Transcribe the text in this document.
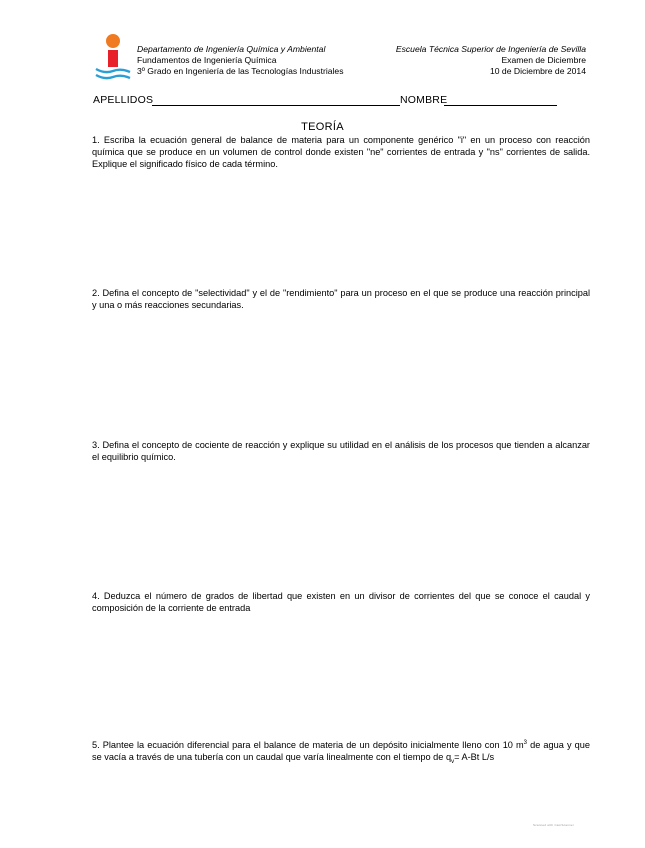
Departamento de Ingeniería Química y Ambiental
Fundamentos de Ingeniería Química
3º Grado en Ingeniería de las Tecnologías Industriales
Escuela Técnica Superior de Ingeniería de Sevilla
Examen de Diciembre
10 de Diciembre de 2014
APELLIDOS	NOMBRE
TEORÍA
1. Escriba la ecuación general de balance de materia para un componente genérico "i" en un proceso con reacción química que se produce en un volumen de control donde existen "ne" corrientes de entrada y "ns" corrientes de salida. Explique el significado físico de cada término.
2. Defina el concepto de "selectividad" y el de "rendimiento" para un proceso en el que se produce una reacción principal y una o más reacciones secundarias.
3. Defina el concepto de cociente de reacción y explique su utilidad en el análisis de los procesos que tienden a alcanzar el equilibrio químico.
4. Deduzca el número de grados de libertad que existen en un divisor de corrientes del que se conoce el caudal y composición de la corriente de entrada
5. Plantee la ecuación diferencial para el balance de materia de un depósito inicialmente lleno con 10 $m^3$ de agua y que se vacía a través de una tubería con un caudal que varía linealmente con el tiempo de $q_v= A-Bt$ L/s
Scanned with CamScanner
